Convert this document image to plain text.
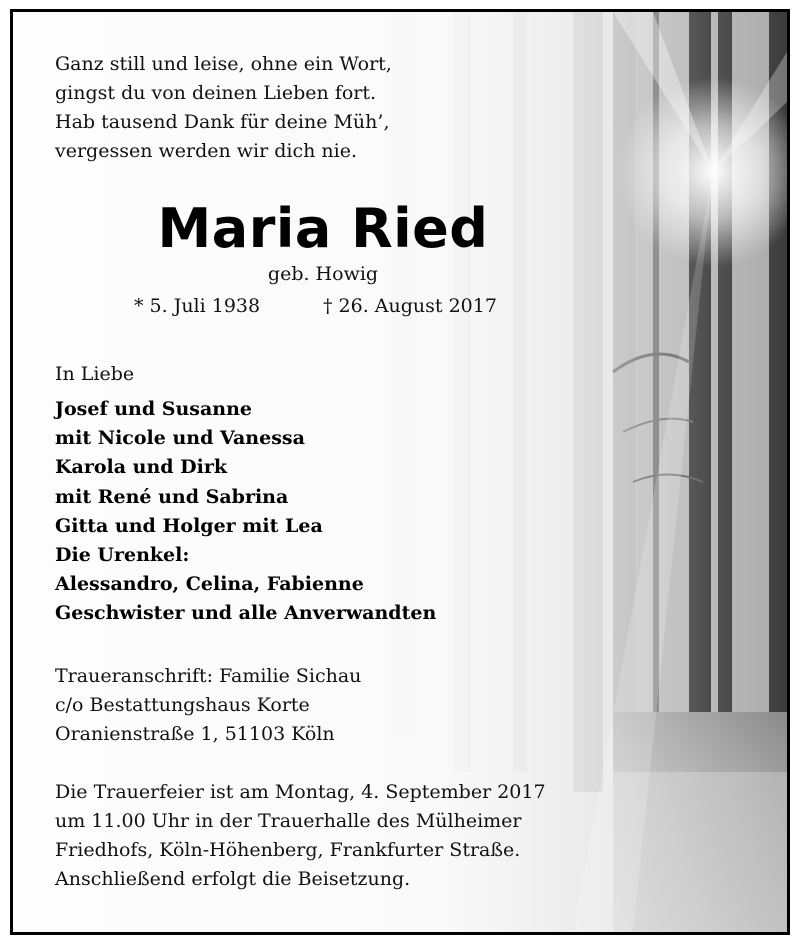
Ganz still und leise, ohne ein Wort,
gingst du von deinen Lieben fort.
Hab tausend Dank für deine Müh’,
vergessen werden wir dich nie.
Maria Ried
geb. Howig
* 5. Juli 1938	† 26. August 2017
In Liebe
Josef und Susanne
mit Nicole und Vanessa
Karola und Dirk
mit René und Sabrina
Gitta und Holger mit Lea
Die Urenkel:
Alessandro, Celina, Fabienne
Geschwister und alle Anverwandten
Traueranschrift: Familie Sichau
c/o Bestattungshaus Korte
Oranienstraße 1, 51103 Köln
Die Trauerfeier ist am Montag, 4. September 2017
um 11.00 Uhr in der Trauerhalle des Mülheimer
Friedhofs, Köln-Höhenberg, Frankfurter Straße.
Anschließend erfolgt die Beisetzung.
